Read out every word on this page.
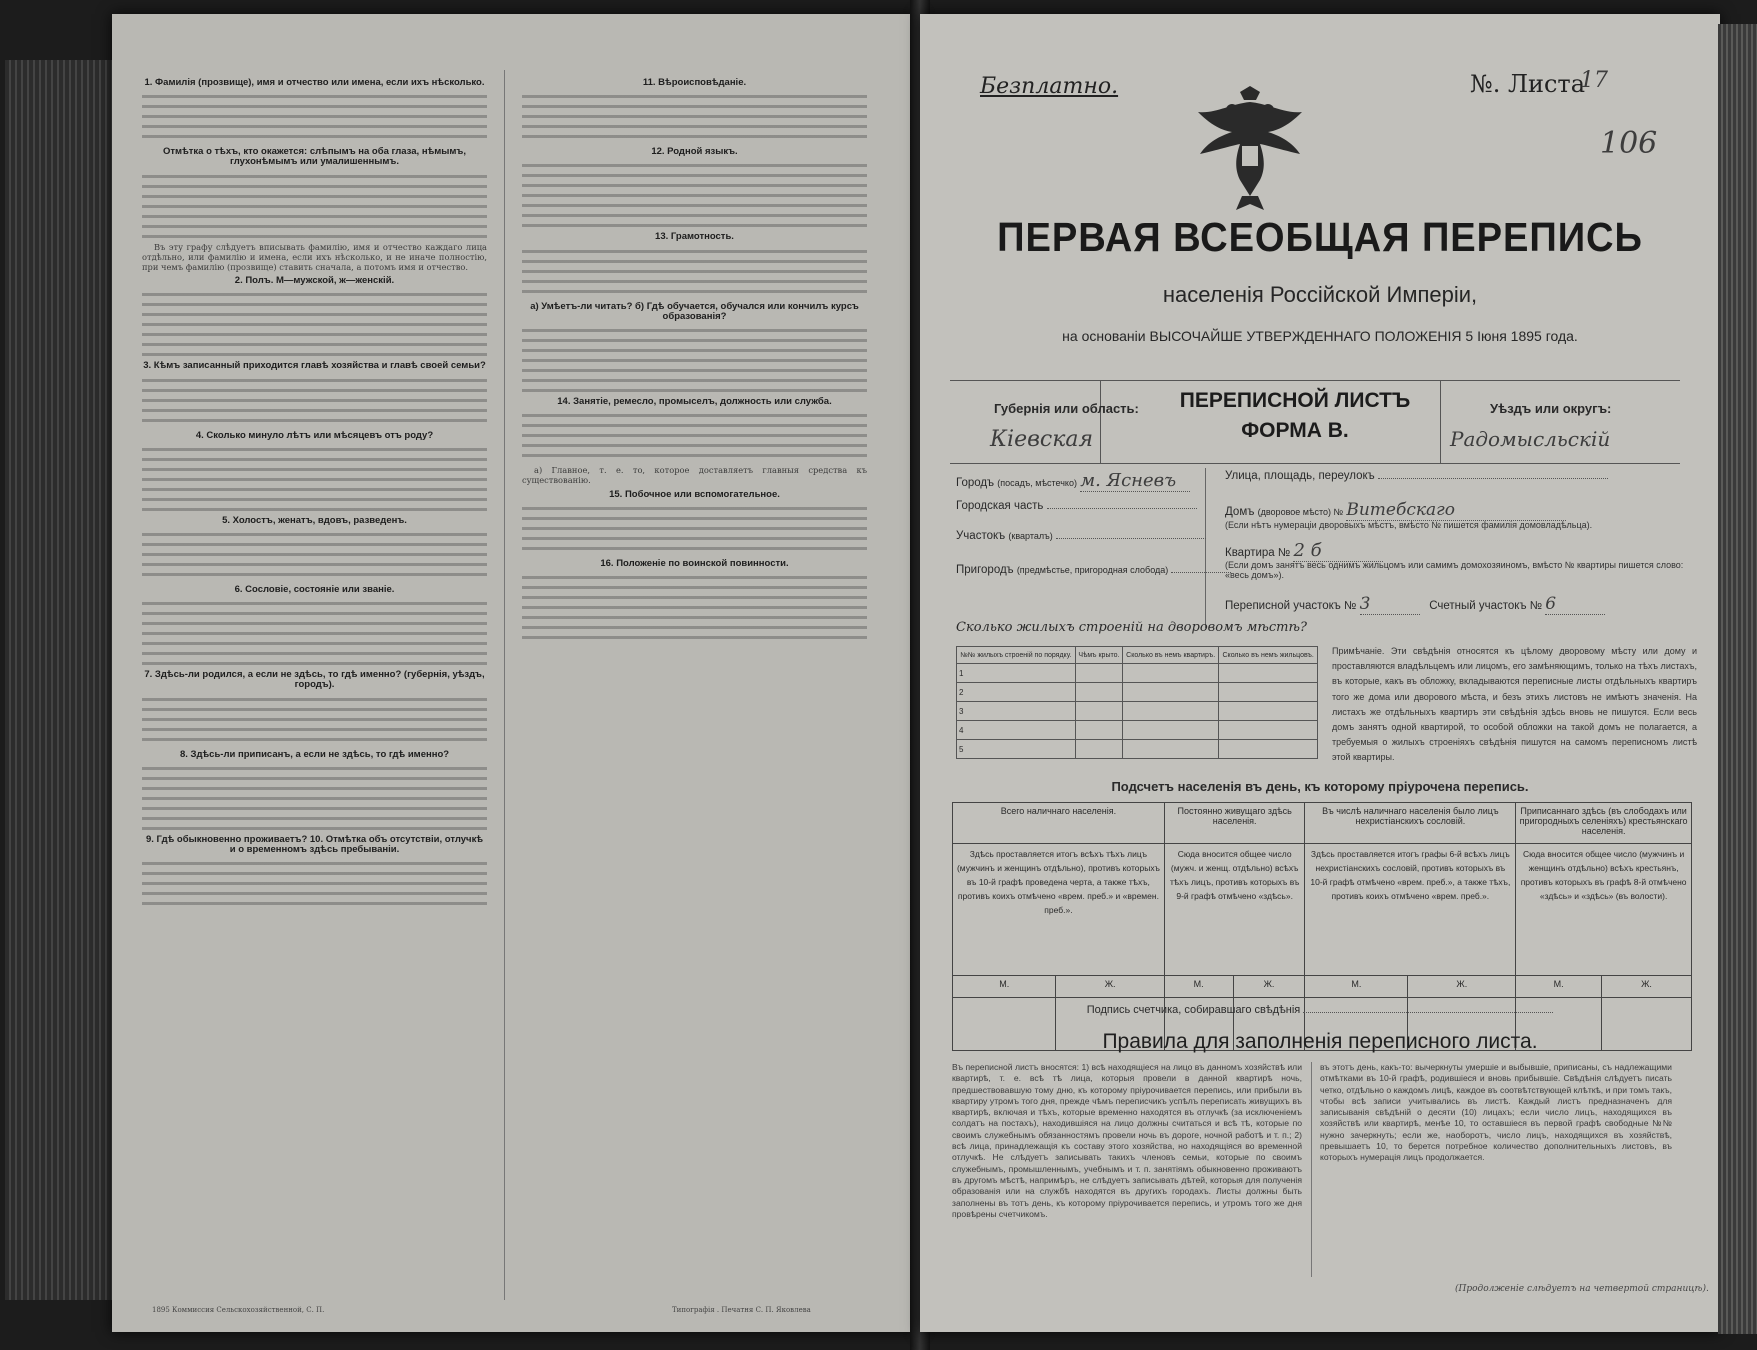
1. Фамилія (прозвище), имя и отчество или имена, если ихъ нѣсколько.

Отмѣтка о тѣхъ, кто окажется: слѣпымъ на оба глаза, нѣмымъ, глухонѣмымъ или умалишеннымъ.

Въ эту графу слѣдуетъ вписывать фамилію, имя и отчество каждаго лица отдѣльно, или фамилію и имена, если ихъ нѣсколько, и не иначе полностію, при чемъ фамилію (прозвище) ставить сначала, а потомъ имя и отчество.

2. Полъ. М—мужской, ж—женскій.

3. Кѣмъ записанный приходится главѣ хозяйства и главѣ своей семьи?

4. Сколько минуло лѣтъ или мѣсяцевъ отъ роду?

5. Холостъ, женатъ, вдовъ, разведенъ.

6. Сословіе, состояніе или званіе.

7. Здѣсь-ли родился, а если не здѣсь, то гдѣ именно? (губернія, уѣздъ, городъ).

8. Здѣсь-ли приписанъ, а если не здѣсь, то гдѣ именно?

9. Гдѣ обыкновенно проживаетъ? 10. Отмѣтка объ отсутствіи, отлучкѣ и о временномъ здѣсь пребываніи.

11. Вѣроисповѣданіе.

12. Родной языкъ.

13. Грамотность.

а) Умѣетъ-ли читать? б) Гдѣ обучается, обучался или кончилъ курсъ образованія?

14. Занятіе, ремесло, промыселъ, должность или служба.

а) Главное, т. е. то, которое доставляетъ главныя средства къ существованію.

15. Побочное или вспомогательное.

16. Положеніе по воинской повинности.

1895 Коммиссия Сельскохозяйственной, С. П.	Типографія . Печатня С. П. Яковлева
Безплатно.	№. Листа
17
106
ПЕРВАЯ ВСЕОБЩАЯ ПЕРЕПИСЬ
населенія Россійской Имперіи,
на основаніи ВЫСОЧАЙШЕ УТВЕРЖДЕННАГО ПОЛОЖЕНІЯ 5 Іюня 1895 года.
Губернія или область:
Кіевская
Уѣздъ или округъ:
Радомысльскій
ПЕРЕПИСНОЙ ЛИСТЪ
ФОРМА В.
Городъ (посадъ, мѣстечко) м. Ясневъ
Городская часть
Участокъ (кварталъ)
Пригородъ (предмѣстье, пригородная слобода)
Улица, площадь, переулокъ
Домъ (дворовое мѣсто) № Витебскаго
(Если нѣтъ нумераціи дворовыхъ мѣстъ, вмѣсто № пишется фамилія домовладѣльца).
Квартира № 2 б
(Если домъ занятъ весь однимъ жильцомъ или самимъ домохозяиномъ, вмѣсто № квартиры пишется слово: «весь домъ»).
Переписной участокъ № 3	Счетный участокъ № 6
Сколько жилыхъ строеній на дворовомъ мѣстѣ?
№№ жилыхъ строеній по порядку.	Чѣмъ крыто.	Сколько въ немъ квартиръ.	Сколько въ немъ жильцовъ.
1			
2			
3			
4			
5			
Примѣчаніе. Эти свѣдѣнія относятся къ цѣлому дворовому мѣсту или дому и проставляются владѣльцемъ или лицомъ, его замѣняющимъ, только на тѣхъ листахъ, въ которые, какъ въ обложку, вкладываются переписные листы отдѣльныхъ квартиръ того же дома или дворового мѣста, и безъ этихъ листовъ не имѣютъ значенія. На листахъ же отдѣльныхъ квартиръ эти свѣдѣнія здѣсь вновь не пишутся. Если весь домъ занятъ одной квартирой, то особой обложки на такой домъ не полагается, а требуемыя о жилыхъ строеніяхъ свѣдѣнія пишутся на самомъ переписномъ листѣ этой квартиры.
Подсчетъ населенія въ день, къ которому пріурочена перепись.
Всего наличнаго населенія.		Постоянно живущаго здѣсь населенія.		Въ числѣ наличнаго населенія было лицъ нехристіанскихъ сословій.		Приписаннаго здѣсь (въ слободахъ или пригородныхъ селеніяхъ) крестьянскаго населенія.	
Здѣсь проставляется итогъ всѣхъ тѣхъ лицъ (мужчинъ и женщинъ отдѣльно), противъ которыхъ въ 10-й графѣ проведена черта, а также тѣхъ, противъ коихъ отмѣчено «врем. преб.» и «времен. преб.».		Сюда вносится общее число (мужч. и женщ. отдѣльно) всѣхъ тѣхъ лицъ, противъ которыхъ въ 9-й графѣ отмѣчено «здѣсь».		Здѣсь проставляется итогъ графы 6-й всѣхъ лицъ нехристіанскихъ сословій, противъ которыхъ въ 10-й графѣ отмѣчено «врем. преб.», а также тѣхъ, противъ коихъ отмѣчено «врем. преб.».		Сюда вносится общее число (мужчинъ и женщинъ отдѣльно) всѣхъ крестьянъ, противъ которыхъ въ графѣ 8-й отмѣчено «здѣсь» и «здѣсь» (въ волости).	
М.	Ж.	М.	Ж.	М.	Ж.	М.	Ж.

Подпись счетчика, собиравшаго свѣдѣнія
Правила для заполненія переписного листа.
Въ переписной листъ вносятся: 1) всѣ находящіеся на лицо въ данномъ хозяйствѣ или квартирѣ, т. е. всѣ тѣ лица, которыя провели в данной квартирѣ ночь, предшествовавшую тому дню, къ которому пріурочивается перепись, или прибыли въ квартиру утромъ того дня, прежде чѣмъ переписчикъ успѣлъ переписать живущихъ въ квартирѣ, включая и тѣхъ, которые временно находятся въ отлучкѣ (за исключеніемъ солдатъ на постахъ), находившіяся на лицо должны считаться и всѣ тѣ, которые по своимъ служебнымъ обязанностямъ провели ночь въ дороге, ночной работѣ и т. п.; 2) всѣ лица, принадлежащія къ составу этого хозяйства, но находящіяся во временной отлучкѣ. Не слѣдуетъ записывать такихъ членовъ семьи, которые по своимъ служебнымъ, промышленнымъ, учебнымъ и т. п. занятіямъ обыкновенно проживаютъ въ другомъ мѣстѣ, напримѣръ, не слѣдуетъ записывать дѣтей, которыя для полученія образованія или на службѣ находятся въ другихъ городахъ. Листы должны быть заполнены въ тотъ день, къ которому пріурочивается перепись, и утромъ того же дня провѣрены счетчикомъ.
въ этотъ день, какъ-то: вычеркнуты умершіе и выбывшіе, приписаны, съ надлежащими отмѣтками въ 10-й графѣ, родившіеся и вновь прибывшіе. Свѣдѣнія слѣдуетъ писать четко, отдѣльно о каждомъ лицѣ, каждое въ соотвѣтствующей клѣткѣ, и при томъ такъ, чтобы всѣ записи учитывались въ листѣ. Каждый листъ предназначенъ для записыванія свѣдѣній о десяти (10) лицахъ; если число лицъ, находящихся въ хозяйствѣ или квартирѣ, менѣе 10, то оставшіеся въ первой графѣ свободные №№ нужно зачеркнуть; если же, наоборотъ, число лицъ, находящихся въ хозяйствѣ, превышаетъ 10, то берется потребное количество дополнительныхъ листовъ, въ которыхъ нумерація лицъ продолжается.
(Продолженіе слѣдуетъ на четвертой страницѣ).
